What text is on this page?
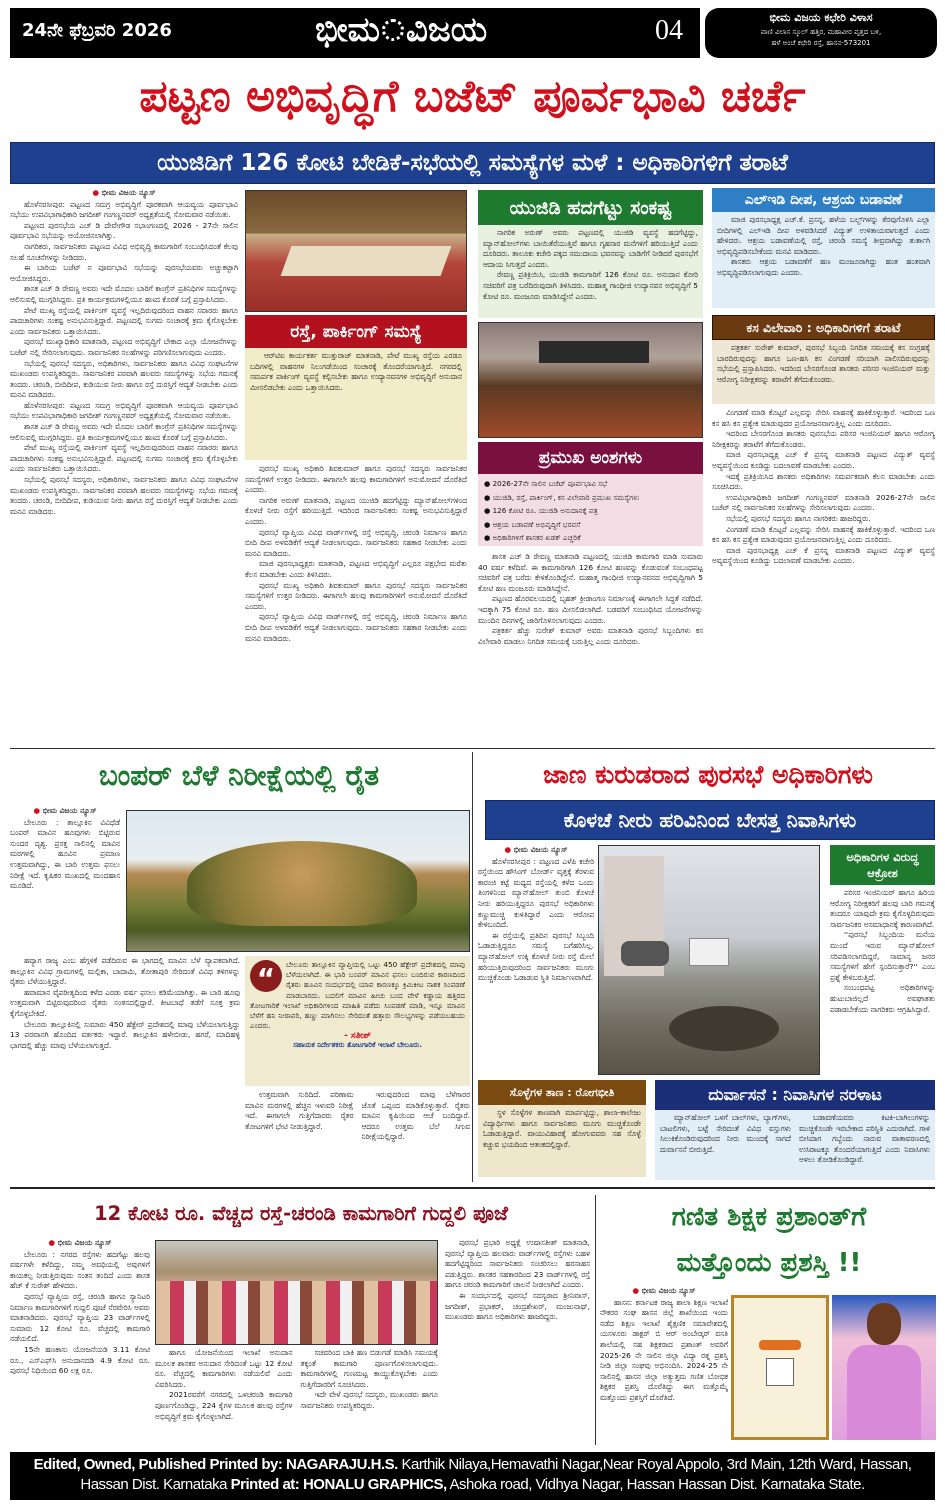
24ನೇ ಫೆಬ್ರವರಿ 2026	ಭೀಮ ವಿಜಯ	04	ಭೀಮ ವಿಜಯ ಕಛೇರಿ ವಿಳಾಸ
ವಾಣಿ ವಿಲಾಸ ಸ್ಕೂಲ್ ಹತ್ತಿರ, ಮಹಾವೀರ ವೃತ್ತದ ಬಳಿ,
ಹಳೆ ಅಂಚೆ ಕಛೇರಿ ರಸ್ತೆ, ಹಾಸನ-573201
ಪಟ್ಟಣ ಅಭಿವೃದ್ಧಿಗೆ ಬಜೆಟ್ ಪೂರ್ವಭಾವಿ ಚರ್ಚೆ
ಯುಜಿಡಿಗೆ 126 ಕೋಟಿ ಬೇಡಿಕೆ-ಸಭೆಯಲ್ಲಿ ಸಮಸ್ಯೆಗಳ ಮಳೆ : ಅಧಿಕಾರಿಗಳಿಗೆ ತರಾಟೆ
● ಭೀಮ ವಿಜಯ ನ್ಯೂಸ್

ಹೊಳೆನರಸೀಪುರ: ಪಟ್ಟಣದ ಸಮಗ್ರ ಅಭಿವೃದ್ಧಿಗೆ ಪೂರಕವಾಗಿ ಆಯವ್ಯಯ ಪೂರ್ವಭಾವಿ ಸಭೆಯು ಉಪವಿಭಾಗಾಧಿಕಾರಿ ಜಗದೀಶ್ ಗಂಗಣ್ಣನವರ್ ಅಧ್ಯಕ್ಷತೆಯಲ್ಲಿ ಸೋಮವಾರ ನಡೆಯಿತು.

ಪಟ್ಟಣದ ಪುರಸಭೆಯ ಎಚ್ ಡಿ ದೇವೇಗೌಡ ಸಭಾಂಗಣದಲ್ಲಿ 2026 - 27ನೇ ಸಾಲಿನ ಪೂರ್ವಭಾವಿ ಸಭೆಯನ್ನು ಆಯೋಜಿಸಲಾಗಿತ್ತು.

ನಾಗರಿಕರು, ಸಾರ್ವಜನಿಕರು ಪಟ್ಟಣದ ವಿವಿಧ ಅಭಿವೃದ್ಧಿ ಕಾಮಗಾರಿಗೆ ಸಂಬಂಧಿಸಿದಂತೆ ಕೆಲವು ಸಲಹೆ ಸೂಚನೆಗಳನ್ನು ನೀಡಿದರು.

ಈ ಬಾರಿಯ ಬಜೆಟ್ ನ ಪೂರ್ವಭಾವಿ ಸಭೆಯನ್ನು ಪುರಸಭೆಯವರು ಅಚ್ಚುಕಟ್ಟಾಗಿ ಆಯೋಜಿಸಿದ್ದರು.

ಶಾಸಕ ಎಚ್ ಡಿ ರೇವಣ್ಣ ಅವರು ಇದೇ ಮೊದಲ ಬಾರಿಗೆ ಕಾಂಗ್ರೆಸ್ ಪ್ರತಿನಿಧಿಗಳ ಸಮಸ್ಯೆಗಳನ್ನು ಆಲಿಸುವಲ್ಲಿ ಮುಗ್ಗರಿಸಿದ್ದರು. ಪ್ರತಿ ಕಾರ್ಯಕ್ರಮಗಳಲ್ಲಿಯೂ ಹಣದ ಕೊರತೆ ಬಗ್ಗೆ ಪ್ರಸ್ತಾಪಿಸಿದರು.

ಪೇಟೆ ಮುಖ್ಯ ರಸ್ತೆಯಲ್ಲಿ ಪಾರ್ಕಿಂಗ್ ವ್ಯವಸ್ಥೆ ಇಲ್ಲದಿರುವುದರಿಂದ ವಾಹನ ಸವಾರರು ಹಾಗೂ ಪಾದಚಾರಿಗಳು ಸಂಕಷ್ಟ ಅನುಭವಿಸುತ್ತಿದ್ದಾರೆ. ಪಟ್ಟಣದಲ್ಲಿ ಸುಗಮ ಸಂಚಾರಕ್ಕೆ ಕ್ರಮ ಕೈಗೊಳ್ಳಬೇಕು ಎಂದು ಸಾರ್ವಜನಿಕರು ಒತ್ತಾಯಿಸಿದರು.

ಪುರಸಭೆ ಮುಖ್ಯಾಧಿಕಾರಿ ಮಾತನಾಡಿ, ಪಟ್ಟಣದ ಅಭಿವೃದ್ಧಿಗೆ ಬೇಕಾದ ಎಲ್ಲಾ ಯೋಜನೆಗಳನ್ನು ಬಜೆಟ್ ನಲ್ಲಿ ಸೇರಿಸಲಾಗುವುದು. ಸಾರ್ವಜನಿಕರ ಸಲಹೆಗಳನ್ನು ಪರಿಗಣಿಸಲಾಗುವುದು ಎಂದರು.

ಸಭೆಯಲ್ಲಿ ಪುರಸಭೆ ಸದಸ್ಯರು, ಅಧಿಕಾರಿಗಳು, ಸಾರ್ವಜನಿಕರು ಹಾಗೂ ವಿವಿಧ ಸಂಘಟನೆಗಳ ಮುಖಂಡರು ಉಪಸ್ಥಿತರಿದ್ದರು. ಸಾರ್ವಜನಿಕರ ಪರವಾಗಿ ಹಲವರು ಸಮಸ್ಯೆಗಳನ್ನು ಸಭೆಯ ಗಮನಕ್ಕೆ ತಂದರು. ಚರಂಡಿ, ಬೀದಿದೀಪ, ಕುಡಿಯುವ ನೀರು ಹಾಗೂ ರಸ್ತೆ ದುರಸ್ತಿಗೆ ಆದ್ಯತೆ ನೀಡಬೇಕು ಎಂದು ಮನವಿ ಮಾಡಿದರು.

ಹೊಳೆನರಸೀಪುರ: ಪಟ್ಟಣದ ಸಮಗ್ರ ಅಭಿವೃದ್ಧಿಗೆ ಪೂರಕವಾಗಿ ಆಯವ್ಯಯ ಪೂರ್ವಭಾವಿ ಸಭೆಯು ಉಪವಿಭಾಗಾಧಿಕಾರಿ ಜಗದೀಶ್ ಗಂಗಣ್ಣನವರ್ ಅಧ್ಯಕ್ಷತೆಯಲ್ಲಿ ಸೋಮವಾರ ನಡೆಯಿತು.

ಶಾಸಕ ಎಚ್ ಡಿ ರೇವಣ್ಣ ಅವರು ಇದೇ ಮೊದಲ ಬಾರಿಗೆ ಕಾಂಗ್ರೆಸ್ ಪ್ರತಿನಿಧಿಗಳ ಸಮಸ್ಯೆಗಳನ್ನು ಆಲಿಸುವಲ್ಲಿ ಮುಗ್ಗರಿಸಿದ್ದರು. ಪ್ರತಿ ಕಾರ್ಯಕ್ರಮಗಳಲ್ಲಿಯೂ ಹಣದ ಕೊರತೆ ಬಗ್ಗೆ ಪ್ರಸ್ತಾಪಿಸಿದರು.

ಪೇಟೆ ಮುಖ್ಯ ರಸ್ತೆಯಲ್ಲಿ ಪಾರ್ಕಿಂಗ್ ವ್ಯವಸ್ಥೆ ಇಲ್ಲದಿರುವುದರಿಂದ ವಾಹನ ಸವಾರರು ಹಾಗೂ ಪಾದಚಾರಿಗಳು ಸಂಕಷ್ಟ ಅನುಭವಿಸುತ್ತಿದ್ದಾರೆ. ಪಟ್ಟಣದಲ್ಲಿ ಸುಗಮ ಸಂಚಾರಕ್ಕೆ ಕ್ರಮ ಕೈಗೊಳ್ಳಬೇಕು ಎಂದು ಸಾರ್ವಜನಿಕರು ಒತ್ತಾಯಿಸಿದರು.

ಸಭೆಯಲ್ಲಿ ಪುರಸಭೆ ಸದಸ್ಯರು, ಅಧಿಕಾರಿಗಳು, ಸಾರ್ವಜನಿಕರು ಹಾಗೂ ವಿವಿಧ ಸಂಘಟನೆಗಳ ಮುಖಂಡರು ಉಪಸ್ಥಿತರಿದ್ದರು. ಸಾರ್ವಜನಿಕರ ಪರವಾಗಿ ಹಲವರು ಸಮಸ್ಯೆಗಳನ್ನು ಸಭೆಯ ಗಮನಕ್ಕೆ ತಂದರು. ಚರಂಡಿ, ಬೀದಿದೀಪ, ಕುಡಿಯುವ ನೀರು ಹಾಗೂ ರಸ್ತೆ ದುರಸ್ತಿಗೆ ಆದ್ಯತೆ ನೀಡಬೇಕು ಎಂದು ಮನವಿ ಮಾಡಿದರು.

ರಸ್ತೆ, ಪಾರ್ಕಿಂಗ್ ಸಮಸ್ಯೆ

ಆರ್‌ಟಿಐ ಕಾರ್ಯಕರ್ತ ಮುತ್ತುರಾಜ್ ಮಾತನಾಡಿ, ಪೇಟೆ ಮುಖ್ಯ ರಸ್ತೆಯ ಎರಡೂ ಬದಿಗಳಲ್ಲಿ ವಾಹನಗಳ ನಿಲುಗಡೆಯಿಂದ ಸಂಚಾರಕ್ಕೆ ತೊಂದರೆಯಾಗುತ್ತಿದೆ. ನಗರದಲ್ಲಿ ಸಮರ್ಪಕ ಪಾರ್ಕಿಂಗ್ ವ್ಯವಸ್ಥೆ ಕಲ್ಪಿಸಬೇಕು ಹಾಗೂ ಉದ್ಯಾನವನಗಳ ಅಭಿವೃದ್ಧಿಗೆ ಅನುದಾನ ಮೀಸಲಿಡಬೇಕು ಎಂದು ಒತ್ತಾಯಿಸಿದರು.

ಪುರಸಭೆ ಮುಖ್ಯ ಅಧಿಕಾರಿ ಶಿವಕುಮಾರ್ ಹಾಗೂ ಪುರಸಭೆ ಸದಸ್ಯರು ಸಾರ್ವಜನಿಕರ ಸಮಸ್ಯೆಗಳಿಗೆ ಉತ್ತರ ನೀಡಿದರು. ಈಗಾಗಲೇ ಹಲವು ಕಾಮಗಾರಿಗಳಿಗೆ ಅನುಮೋದನೆ ದೊರೆತಿದೆ ಎಂದರು.

ನಾಗರಿಕ ಅರುಣ್ ಮಾತನಾಡಿ, ಪಟ್ಟಣದ ಯುಜಿಡಿ ಹದಗೆಟ್ಟಿದ್ದು ಮ್ಯಾನ್‌ಹೋಲ್‌ಗಳಿಂದ ಕೊಳಚೆ ನೀರು ರಸ್ತೆಗೆ ಹರಿಯುತ್ತಿದೆ. ಇದರಿಂದ ಸಾರ್ವಜನಿಕರು ಸಂಕಷ್ಟ ಅನುಭವಿಸುತ್ತಿದ್ದಾರೆ ಎಂದರು.

ಪುರಸಭೆ ವ್ಯಾಪ್ತಿಯ ವಿವಿಧ ವಾರ್ಡ್‌ಗಳಲ್ಲಿ ರಸ್ತೆ ಅಭಿವೃದ್ಧಿ, ಚರಂಡಿ ನಿರ್ಮಾಣ ಹಾಗೂ ಬೀದಿ ದೀಪ ಅಳವಡಿಕೆಗೆ ಆದ್ಯತೆ ನೀಡಲಾಗುವುದು. ಸಾರ್ವಜನಿಕರು ಸಹಕಾರ ನೀಡಬೇಕು ಎಂದು ಮನವಿ ಮಾಡಿದರು.

ಮಾಜಿ ಪುರಸಭಾಧ್ಯಕ್ಷರು ಮಾತನಾಡಿ, ಪಟ್ಟಣದ ಅಭಿವೃದ್ಧಿಗೆ ಎಲ್ಲರೂ ಪಕ್ಷಭೇದ ಮರೆತು ಕೆಲಸ ಮಾಡಬೇಕು ಎಂದು ತಿಳಿಸಿದರು.

ಪುರಸಭೆ ಮುಖ್ಯ ಅಧಿಕಾರಿ ಶಿವಕುಮಾರ್ ಹಾಗೂ ಪುರಸಭೆ ಸದಸ್ಯರು ಸಾರ್ವಜನಿಕರ ಸಮಸ್ಯೆಗಳಿಗೆ ಉತ್ತರ ನೀಡಿದರು. ಈಗಾಗಲೇ ಹಲವು ಕಾಮಗಾರಿಗಳಿಗೆ ಅನುಮೋದನೆ ದೊರೆತಿದೆ ಎಂದರು.

ಪುರಸಭೆ ವ್ಯಾಪ್ತಿಯ ವಿವಿಧ ವಾರ್ಡ್‌ಗಳಲ್ಲಿ ರಸ್ತೆ ಅಭಿವೃದ್ಧಿ, ಚರಂಡಿ ನಿರ್ಮಾಣ ಹಾಗೂ ಬೀದಿ ದೀಪ ಅಳವಡಿಕೆಗೆ ಆದ್ಯತೆ ನೀಡಲಾಗುವುದು. ಸಾರ್ವಜನಿಕರು ಸಹಕಾರ ನೀಡಬೇಕು ಎಂದು ಮನವಿ ಮಾಡಿದರು.

ಯುಜಿಡಿ ಹದಗೆಟ್ಟು ಸಂಕಷ್ಟ

ನಾಗರಿಕ ಅರುಣ್ ಅವರು ಪಟ್ಟಣದಲ್ಲಿ ಯುಜಿಡಿ ವ್ಯವಸ್ಥೆ ಹದಗೆಟ್ಟಿದ್ದು, ಮ್ಯಾನ್‌ಹೋಲ್‌ಗಳು ಬಾಯಿತೆರೆಯುತ್ತಿವೆ ಹಾಗೂ ಗೃಹಸಾರ ಮನೆಗಳಿಗೆ ಹರಿಯುತ್ತಿದೆ ಎಂದು ದೂರಿದರು. ತಾಲೂಕು ಕಚೇರಿ ಪಕ್ಕದ ಸಮುದಾಯ ಭವನವನ್ನು ಬಾಡಿಗೆಗೆ ನೀಡಿದರೆ ಪುರಸಭೆಗೆ ಆದಾಯ ಸಿಗುತ್ತದೆ ಎಂದರು.

ರೇವಣ್ಣ ಪ್ರತಿಕ್ರಿಯಿಸಿ, ಯುಜಿಡಿ ಕಾಮಗಾರಿಗೆ 126 ಕೋಟಿ ರೂ. ಅನುದಾನ ಕೋರಿ ಸಚಿವರಿಗೆ ಪತ್ರ ಬರೆದಿರುವುದಾಗಿ ತಿಳಿಸಿದರು. ಮಹಾತ್ಮ ಗಾಂಧೀಜಿ ಉದ್ಯಾನವನ ಅಭಿವೃದ್ಧಿಗೆ 5 ಕೋಟಿ ರೂ. ಮಂಜೂರು ಮಾಡಿಸಿದ್ದೇನೆ ಎಂದರು.

ಪ್ರಮುಖ ಅಂಶಗಳು
● 2026-27ನೇ ಸಾಲಿನ ಬಜೆಟ್ ಪೂರ್ವಭಾವಿ ಸಭೆ
● ಯುಜಿಡಿ, ರಸ್ತೆ, ಪಾರ್ಕಿಂಗ್, ಕಸ ವಿಲೇವಾರಿ ಪ್ರಮುಖ ಸಮಸ್ಯೆಗಳು
● 126 ಕೋಟಿ ರೂ. ಯುಜಿಡಿ ಅನುದಾನಕ್ಕೆ ಪತ್ರ
● ಆಶ್ರಯ ಬಡಾವಣೆ ಅಭಿವೃದ್ಧಿಗೆ ಭರವಸೆ
● ಅಧಿಕಾರಿಗಳಿಗೆ ಶಾಸಕರ ಖಡಕ್ ಎಚ್ಚರಿಕೆ

ಶಾಸಕ ಎಚ್ ಡಿ ರೇವಣ್ಣ ಮಾತನಾಡಿ ಪಟ್ಟಣದಲ್ಲಿ ಯುಜಿಡಿ ಕಾಮಗಾರಿ ಮಾಡಿ ಸುಮಾರು 40 ವರ್ಷ ಕಳೆದಿವೆ. ಈ ಕಾಮಗಾರಿಗಾಗಿ 126 ಕೋಟಿ ಹಣವನ್ನು ಕೊಡುವಂತೆ ಸಂಬಂಧಪಟ್ಟ ಸಚಿವರಿಗೆ ಪತ್ರ ಬರೆದು ಕೇಳಿಕೊಂಡಿದ್ದೇನೆ. ಮಹಾತ್ಮ ಗಾಂಧೀಜಿ ಉದ್ಯಾನವನದ ಅಭಿವೃದ್ಧಿಗಾಗಿ 5 ಕೋಟಿ ಹಣ ಮಂಜೂರು ಮಾಡಿಸಿದ್ದೇನೆ.

ಪಟ್ಟಣದ ಹೊರವಲಯದಲ್ಲಿ ಬೃಹತ್ ಕ್ರೀಡಾಂಗಣ ನಿರ್ಮಾಣಕ್ಕೆ ಈಗಾಗಲೇ ಸಿದ್ಧತೆ ನಡೆದಿದೆ. ಇದಕ್ಕಾಗಿ 75 ಕೋಟಿ ರೂ. ಹಣ ಮೀಸಲಿಡಲಾಗಿದೆ. ಬಡವರಿಗೆ ಸಂಬಂಧಿಸಿದ ಯೋಜನೆಗಳನ್ನು ಮುಂದಿನ ದಿನಗಳಲ್ಲಿ ಜಾರಿಗೊಳಿಸಲಾಗುವುದು ಎಂದರು.

ಪತ್ರಕರ್ತ ಹೆಚ್ಚು ಸುರೇಶ್ ಕುಮಾರ್ ಅವರು ಮಾತನಾಡಿ ಪುರಸಭೆ ಸಿಬ್ಬಂದಿಗಳು ಕಸ ವಿಲೇವಾರಿ ಮಾಡಲು ನಿಗದಿತ ಸಮಯಕ್ಕೆ ಬರುತ್ತಿಲ್ಲ ಎಂದು ದೂರಿದರು.

ಎಲ್ಇಡಿ ದೀಪ, ಆಶ್ರಯ ಬಡಾವಣೆ

ಮಾಜಿ ಪುರಸಭಾಧ್ಯಕ್ಷ ಎಚ್.ಕೆ. ಪ್ರಸನ್ನ, ಹಳೆಯ ಬಲ್ಬ್‌ಗಳನ್ನು ತೆರವುಗೊಳಿಸಿ ಎಲ್ಲಾ ಬೀದಿಗಳಲ್ಲಿ ಎಲ್ಇಡಿ ದೀಪ ಅಳವಡಿಸಿದರೆ ವಿದ್ಯುತ್ ಉಳಿತಾಯವಾಗುತ್ತದೆ ಎಂದು ಹೇಳಿದರು. ಆಶ್ರಯ ಬಡಾವಣೆಯಲ್ಲಿ ರಸ್ತೆ, ಚರಂಡಿ ಸಮಸ್ಯೆ ತೀವ್ರವಾಗಿದ್ದು ತುರ್ತಾಗಿ ಅಭಿವೃದ್ಧಿಪಡಿಸಬೇಕೆಂದು ಮನವಿ ಮಾಡಿದರು.

ಶಾಸಕರು ಆಶ್ರಯ ಬಡಾವಣೆಗೆ ಹಣ ಮಂಜೂರಾಗಿದ್ದು ಹಂತ ಹಂತವಾಗಿ ಅಭಿವೃದ್ಧಿಪಡಿಸಲಾಗುವುದು ಎಂದರು.

ಕಸ ವಿಲೇವಾರಿ : ಅಧಿಕಾರಿಗಳಿಗೆ ತರಾಟೆ

ಪತ್ರಕರ್ತ ಸುರೇಶ್ ಕುಮಾರ್, ಪುರಸಭೆ ಸಿಬ್ಬಂದಿ ನಿಗದಿತ ಸಮಯಕ್ಕೆ ಕಸ ಸಂಗ್ರಹಕ್ಕೆ ಬಾರದಿರುವುದನ್ನು ಹಾಗೂ ಒಣ-ಹಸಿ ಕಸ ವಿಂಗಡಣೆ ಸರಿಯಾಗಿ ಪಾಲಿಸದಿರುವುದನ್ನು ಸಭೆಯಲ್ಲಿ ಪ್ರಸ್ತಾಪಿಸಿದರು. ಇದರಿಂದ ಬೇಸರಗೊಂಡ ಶಾಸಕರು ಪರಿಸರ ಇಂಜಿನಿಯರ್ ಮತ್ತು ಆರೋಗ್ಯ ನಿರೀಕ್ಷಕರನ್ನು ತರಾಟೆಗೆ ತೆಗೆದುಕೊಂಡರು.

ವಿಂಗಡಣೆ ಮಾಡಿ ಕೊಟ್ಟರೆ ಎಲ್ಲವನ್ನು ಸೇರಿಸಿ ವಾಹನಕ್ಕೆ ಹಾಕಿಕೊಳ್ಳುತ್ತಾರೆ. ಇದರಿಂದ ಒಣ ಕಸ ಹಸಿ ಕಸ ಪ್ರತ್ಯೇಕ ಮಾಡುವುದರ ಪ್ರಯೋಜನವಾಗುತ್ತಿಲ್ಲ ಎಂದು ದೂರಿದರು.

ಇದರಿಂದ ಬೇಸರಗೊಂಡ ಶಾಸಕರು ಪುರಸಭೆಯ ಪರಿಸರ ಇಂಜಿನಿಯರ್ ಹಾಗೂ ಆರೋಗ್ಯ ನಿರೀಕ್ಷಕರನ್ನು ತರಾಟೆಗೆ ತೆಗೆದುಕೊಂಡರು.

ಮಾಜಿ ಪುರಸಭಾಧ್ಯಕ್ಷ ಎಚ್ ಕೆ ಪ್ರಸನ್ನ ಮಾತನಾಡಿ ಪಟ್ಟಣದ ವಿದ್ಯುತ್ ವ್ಯವಸ್ಥೆ ಅವ್ಯವಸ್ಥೆಯಿಂದ ಕೂಡಿದ್ದು ಬದಲಾವಣೆ ಮಾಡಬೇಕು ಎಂದರು.

ಇದಕ್ಕೆ ಪ್ರತಿಕ್ರಿಯಿಸಿದ ಶಾಸಕರು ಅಧಿಕಾರಿಗಳು ಸಮರ್ಪಕವಾಗಿ ಕೆಲಸ ಮಾಡಬೇಕು ಎಂದು ಸೂಚಿಸಿದರು.

ಉಪವಿಭಾಗಾಧಿಕಾರಿ ಜಗದೀಶ್ ಗಂಗಣ್ಣನವರ್ ಮಾತನಾಡಿ 2026-27ನೇ ಸಾಲಿನ ಬಜೆಟ್ ನಲ್ಲಿ ಸಾರ್ವಜನಿಕರ ಸಲಹೆಗಳನ್ನು ಸೇರಿಸಲಾಗುವುದು ಎಂದರು.

ಸಭೆಯಲ್ಲಿ ಪುರಸಭೆ ಸದಸ್ಯರು ಹಾಗೂ ನಾಗರಿಕರು ಹಾಜರಿದ್ದರು.

ವಿಂಗಡಣೆ ಮಾಡಿ ಕೊಟ್ಟರೆ ಎಲ್ಲವನ್ನು ಸೇರಿಸಿ ವಾಹನಕ್ಕೆ ಹಾಕಿಕೊಳ್ಳುತ್ತಾರೆ. ಇದರಿಂದ ಒಣ ಕಸ ಹಸಿ ಕಸ ಪ್ರತ್ಯೇಕ ಮಾಡುವುದರ ಪ್ರಯೋಜನವಾಗುತ್ತಿಲ್ಲ ಎಂದು ದೂರಿದರು.

ಮಾಜಿ ಪುರಸಭಾಧ್ಯಕ್ಷ ಎಚ್ ಕೆ ಪ್ರಸನ್ನ ಮಾತನಾಡಿ ಪಟ್ಟಣದ ವಿದ್ಯುತ್ ವ್ಯವಸ್ಥೆ ಅವ್ಯವಸ್ಥೆಯಿಂದ ಕೂಡಿದ್ದು ಬದಲಾವಣೆ ಮಾಡಬೇಕು ಎಂದರು.

ಬಂಪರ್ ಬೆಳೆ ನಿರೀಕ್ಷೆಯಲ್ಲಿ ರೈತ
● ಭೀಮ ವಿಜಯ ನ್ಯೂಸ್

ಬೇಲೂರು : ತಾಲ್ಲೂಕಿನ ವಿವಿಧೆಡೆ ಬಂಪರ್ ಮಾವಿನ ಹೂವುಗಳು ಬಿಟ್ಟಿರುವ ಸುಂದರ ದೃಶ್ಯ. ಪ್ರಸಕ್ತ ಸಾಲಿನಲ್ಲಿ ಮಾವಿನ ಮರಗಳಲ್ಲಿ ಹೂವಿನ ಪ್ರಮಾಣ ಉತ್ತಮವಾಗಿದ್ದು, ಈ ಬಾರಿ ಉತ್ತಮ ಫಸಲು ನಿರೀಕ್ಷೆ ಇದೆ. ಕೃಷಿಕರ ಮುಖದಲ್ಲಿ ಮಂದಹಾಸ ಮೂಡಿದೆ.

ಹವ್ಯಾಗ ರಾಜ್ಯ ಎಂಬ ಹೆಗ್ಗಳಿಕೆ ಪಡೆದಿರುವ ಈ ಭಾಗದಲ್ಲಿ ಮಾವಿನ ಬೆಳೆ ವ್ಯಾಪಕವಾಗಿದೆ. ತಾಲ್ಲೂಕಿನ ವಿವಿಧ ಗ್ರಾಮಗಳಲ್ಲಿ ಮಲ್ಲಿಕಾ, ಬಾದಾಮಿ, ತೋತಾಪುರಿ ಸೇರಿದಂತೆ ವಿವಿಧ ತಳಿಗಳನ್ನು ರೈತರು ಬೆಳೆಯುತ್ತಿದ್ದಾರೆ.

ಹವಾಮಾನ ವೈಪರೀತ್ಯದಿಂದ ಕಳೆದ ಎರಡು ವರ್ಷ ಫಸಲು ಕಡಿಮೆಯಾಗಿತ್ತು. ಈ ಬಾರಿ ಹೂವು ಉತ್ತಮವಾಗಿ ಬಿಟ್ಟಿರುವುದರಿಂದ ರೈತರು ಸಂತಸದಲ್ಲಿದ್ದಾರೆ. ಕೀಟಬಾಧೆ ತಡೆಗೆ ಸೂಕ್ತ ಕ್ರಮ ಕೈಗೊಳ್ಳಬೇಕಿದೆ.

ಬೇಲೂರು ತಾಲ್ಲೂಕಿನಲ್ಲಿ ಸುಮಾರು 450 ಹೆಕ್ಟೇರ್ ಪ್ರದೇಶದಲ್ಲಿ ಮಾವು ಬೆಳೆಯಲಾಗುತ್ತಿದ್ದು 13 ಪರವಾನಗಿ ಹೊಂದಿದ ವರ್ತಕರು ಇದ್ದಾರೆ. ತಾಲ್ಲೂಕಿನ ಹಳೇಬೀಡು, ಹಗರೆ, ಮಾದಿಹಳ್ಳಿ ಭಾಗದಲ್ಲಿ ಹೆಚ್ಚು ಮಾವು ಬೆಳೆಯಲಾಗುತ್ತದೆ.

“	ಬೇಲೂರು ತಾಲ್ಲೂಕಿನ ವ್ಯಾಪ್ತಿಯಲ್ಲಿ ಒಟ್ಟು 450 ಹೆಕ್ಟೇರ್ ಪ್ರದೇಶದಲ್ಲಿ ಮಾವು ಬೆಳೆಯಲಾಗಿದೆ. ಈ ಭಾರಿ ಬಂಪರ್ ಮಾವಿನ ಫಸಲು ಬಂದಿರುವ ಕಾರಣದಿಂದ ರೈತರು ಹೂವಿನ ಸಂದರ್ಭದಲ್ಲಿ ಯಾವ ಕಾರಣಕ್ಕೂ ಕ್ರಿಮಿಕೀಟ ನಾಶಕ ಸಿಂಪಡಣೆ ಮಾಡಬಾರದು. ಬದಲಿಗೆ ಮಾವಿನ ಹೀಚು ಬಂದ ವೇಳೆ ಕಡ್ಡಾಯ ಹತ್ತಿರದ ತೋಟಗಾರಿಕೆ ಇಲಾಖೆ ಅಧಿಕಾರಿಗಳಿಂದ ಮಾಹಿತಿ ಪಡೆದು ಸಿಂಪಡಣೆ ಮಾಡಿ, ಇನ್ನೂ ಮಾವಿನ ಬೆಳೆಗೆ ಹನಿ ನೀರಾವರಿ, ಹಣ್ಣು ಮಾಗಿಸಲು ಸೇರಿದಂತೆ ಹತ್ತಾರು ಸೌಲಭ್ಯಗಳನ್ನು ಪಡೆಯಬಹುದು ಎಂದರು.

- ಸತೀಶ್
ಸಹಾಯಕ ನಿರ್ದೇಶಕರು ತೋಟಗಾರಿಕೆ ಇಲಾಖೆ ಬೇಲೂರು.

ಉತ್ತಮವಾಗಿ ಸುರಿದಿದೆ. ಪರಿಣಾಮ ಮಾವಿನ ಮರಗಳಲ್ಲಿ ಹೆಚ್ಚಿನ ಇಳುವರಿ ನಿರೀಕ್ಷೆ ಇದೆ. ಈಗಾಗಲೇ ಗುತ್ತಿಗೆದಾರರು ರೈತರ ತೋಟಗಳಿಗೆ ಭೇಟಿ ನೀಡುತ್ತಿದ್ದಾರೆ.

ಇರುವುದರಿಂದ ಮಾವು ಬೆಳೆಗಾರರ ಜೊತೆ ಒಪ್ಪಂದ ಮಾಡಿಕೊಳ್ಳುತ್ತಾರೆ. ರೈತರು ಮಾವಿನ ಕೃಷಿಯಿಂದ ಆಚೆ ಬಂದಿದ್ದಾರೆ. ಆದರೂ ಉತ್ತಮ ಬೆಲೆ ಸಿಗುವ ನಿರೀಕ್ಷೆಯಲ್ಲಿದ್ದಾರೆ.

ಜಾಣ ಕುರುಡರಾದ ಪುರಸಭೆ ಅಧಿಕಾರಿಗಳು
ಕೊಳಚೆ ನೀರು ಹರಿವಿನಿಂದ ಬೇಸತ್ತ ನಿವಾಸಿಗಳು
● ಭೀಮ ವಿಜಯ ನ್ಯೂಸ್

ಹೊಳೆನರಸೀಪುರ : ಪಟ್ಟಣದ ಎಳೆಪಿ ಕಚೇರಿ ರಸ್ತೆಯಿಂದ ಹೌಸಿಂಗ್ ಬೋರ್ಡ್ ವೃತ್ತಕ್ಕೆ ತೆರಳುವ ಕಾರಂಜಿ ಕಟ್ಟೆ ಮಧ್ಯದ ರಸ್ತೆಯಲ್ಲಿ ಕಳೆದ ಒಂದು ತಿಂಗಳಿನಿಂದ ಮ್ಯಾನ್‌ಹೋಲ್ ತುಂಬಿ ಕೊಳಚೆ ನೀರು ಹರಿಯುತ್ತಿದ್ದರೂ ಪುರಸಭೆ ಅಧಿಕಾರಿಗಳು ಕಣ್ಣುಮುಚ್ಚಿ ಕುಳಿತಿದ್ದಾರೆ ಎಂದು ಆರೋಪ ಕೇಳಿಬಂದಿದೆ.

ಈ ರಸ್ತೆಯಲ್ಲಿ ಪ್ರತಿದಿನ ಪುರಸಭೆ ಸಿಬ್ಬಂದಿ ಓಡಾಡುತ್ತಿದ್ದರೂ ಸಮಸ್ಯೆ ಬಗೆಹರಿಸಿಲ್ಲ. ಮ್ಯಾನ್‌ಹೋಲ್ ಉಕ್ಕಿ ಕೊಳಚೆ ನೀರು ರಸ್ತೆ ಮೇಲೆ ಹರಿಯುತ್ತಿರುವುದರಿಂದ ಸಾರ್ವಜನಿಕರು ಮೂಗು ಮುಚ್ಚಿಕೊಂಡು ಓಡಾಡುವ ಸ್ಥಿತಿ ನಿರ್ಮಾಣವಾಗಿದೆ.

ಅಧಿಕಾರಿಗಳ ವಿರುದ್ಧ ಆಕ್ರೋಶ

ಪರಿಸರ ಇಂಜಿನಿಯರ್ ಹಾಗೂ ಹಿರಿಯ ಆರೋಗ್ಯ ನಿರೀಕ್ಷಕರಿಗೆ ಹಲವು ಬಾರಿ ಗಮನಕ್ಕೆ ತಂದರೂ ಯಾವುದೇ ಕ್ರಮ ಕೈಗೊಳ್ಳದಿರುವುದು ಸಾರ್ವಜನಿಕರ ಅಸಮಾಧಾನಕ್ಕೆ ಕಾರಣವಾಗಿದೆ.

''ಪುರಸಭೆ ಸಿಬ್ಬಂದಿಯ ಮನೆಯ ಮುಂದೆ ಇರುವ ಮ್ಯಾನ್‌ಹೋಲ್ ಸರಿಪಡಿಸಲಾಗದಿದ್ದರೆ, ಸಾಮಾನ್ಯ ಜನರ ಸಮಸ್ಯೆಗಳಿಗೆ ಹೇಗೆ ಸ್ಪಂದಿಸುತ್ತಾರೆ?'' ಎಂಬ ಪ್ರಶ್ನೆ ಕೇಳಿಬರುತ್ತಿದೆ.

ಸಂಬಂಧಪಟ್ಟ ಅಧಿಕಾರಿಗಳನ್ನು ಹುಟುಬಾಜಿಲ್ಲದೆ ಅವಘಾತತು ಪಡಾಡಬೇಕೆಂದು ನಾಗರಿಕರು ಆಗ್ರಹಿಸಿದ್ದಾರೆ.

ಸೊಳ್ಳೆಗಳ ತಾಣ : ರೋಗಭೀತಿ

ಸ್ಥಳ ಸೊಳ್ಳೆಗಳ ತಾಣವಾಗಿ ಮಾರ್ಪಟ್ಟಿದ್ದು, ಶಾಲಾ-ಕಾಲೇಜು ವಿದ್ಯಾರ್ಥಿಗಳು ಹಾಗೂ ಸಾರ್ವಜನಿಕರು ಮೂಗು ಮುಚ್ಚಿಕೊಂಡೇ ಓಡಾಡುತ್ತಿದ್ದಾರೆ. ವಾಯುವಿಹಾರಕ್ಕೆ ಹೋಗುವವರು ಸಹ ಸೊಳ್ಳೆ ಕಚ್ಚುವ ಭಯದಿಂದ ಆತಂಕದಲ್ಲಿದ್ದಾರೆ.

ದುರ್ವಾಸನೆ : ನಿವಾಸಿಗಳ ನರಳಾಟ

ಮ್ಯಾನ್‌ಹೋಲ್ ಒಳಗೆ ಬಾಲ್‌ಗಳು, ಬ್ಯಾಗ್‌ಗಳು, ಬಾಟಲಿಗಳು, ಬಟ್ಟೆ ಸೇರಿದಂತೆ ವಿವಿಧ ವಸ್ತುಗಳು ಸಿಲುಕಿಕೊಂಡಿರುವುದರಿಂದ ನೀರು ಮುಂದಕ್ಕೆ ಸಾಗದೆ ದುರ್ವಾಸನೆ ಬೀರುತ್ತಿದೆ.

ಬಡಾವಣೆಯವರು ಕಿಟಕಿ-ಬಾಗಿಲುಗಳನ್ನು ಮುಚ್ಚಿಕೊಂಡೇ ಇರಬೇಕಾದ ಪರಿಸ್ಥಿತಿ ಎದುರಾಗಿದೆ. ಗಾಳಿ ಬೀಸಿದಾಗ ಗಬ್ಬೆಂದು ನಾರುವ ವಾತಾವರಣದಲ್ಲಿ ಉಸಿರಾಟಕ್ಕೂ ತೊಂದರೆಯಾಗುತ್ತಿದೆ ಎಂದು ನಿವಾಸಿಗಳು ಅಳಲು ತೋಡಿಕೊಂಡಿದ್ದಾರೆ.

12 ಕೋಟಿ ರೂ. ವೆಚ್ಚದ ರಸ್ತೆ-ಚರಂಡಿ ಕಾಮಗಾರಿಗೆ ಗುದ್ದಲಿ ಪೂಜೆ
● ಭೀಮ ವಿಜಯ ನ್ಯೂಸ್

ಬೇಲೂರು : ನಗರದ ರಸ್ತೆಗಳು ಹದಗೆಟ್ಟು ಹಲವು ವರ್ಷಗಳೇ ಕಳೆದಿದ್ದು, ನಮ್ಮ ಅವಧಿಯಲ್ಲಿ ಅವುಗಳಿಗೆ ಕಾಯಕಲ್ಪ ನೀಡುತ್ತಿರುವುದು ಸಂತಸ ತಂದಿದೆ ಎಂದು ಶಾಸಕ ಹೆಚ್ ಕೆ ಸುರೇಶ್ ಹೇಳಿದರು.

ಪುರಸಭೆ ವ್ಯಾಪ್ತಿಯ ರಸ್ತೆ, ಚರಂಡಿ ಹಾಗೂ ಸ್ಯಾನಿಟರಿ ನಿರ್ಮಾಣ ಕಾಮಗಾರಿಗಳಿಗೆ ಗುದ್ದಲಿ ಪೂಜೆ ನೆರವೇರಿಸಿ ಅವರು ಮಾತನಾಡಿದರು. ಪುರಸಭೆ ವ್ಯಾಪ್ತಿಯ 23 ವಾರ್ಡ್‌ಗಳಲ್ಲಿ ಸುಮಾರು 12 ಕೋಟಿ ರೂ. ವೆಚ್ಚದಲ್ಲಿ ಕಾಮಗಾರಿ ನಡೆಯಲಿದೆ.

15ನೇ ಹಣಕಾಸು ಯೋಜನೆಯಡಿ 3.11 ಕೋಟಿ ರೂ., ಎಸ್ಎಫ್‌ಸಿ ಅನುದಾನದಡಿ 4.9 ಕೋಟಿ ರೂ. ಪುರಸಭೆ ನಿಧಿಯಿಂದ 60 ಲಕ್ಷ ರೂ.

ಹಾಗೂ ಯೋಜನೆಯಿಂದ ಇಲಾಖೆ ಅನುದಾನ ಮೂಲಕ ಶಾಸಕರ ಅನುದಾನ ಸೇರಿದಂತೆ ಒಟ್ಟು 12 ಕೋಟಿ ರೂ. ವೆಚ್ಚದಲ್ಲಿ ಕಾಮಗಾರಿಗಳು ನಡೆಯಲಿವೆ ಎಂದು ವಿವರಿಸಿದರು.

2021ರವರೆಗೆ ನಗರದಲ್ಲಿ ಒಳಚರಂಡಿ ಕಾಮಗಾರಿ ಪೂರ್ಣಗೊಂಡಿದ್ದು, 224 ಕೈಗಳ ಮೂಲಕ ಹಲವು ರಸ್ತೆಗಳ ಅಭಿವೃದ್ಧಿಗೆ ಕ್ರಮ ಕೈಗೊಳ್ಳಲಾಗಿದೆ.

ಸಚಿವರಿಂದ ಬಾಕಿ ಹಣ ಬಿಡುಗಡೆ ಮಾಡಿಸಿ ಸಮಯಕ್ಕೆ ತಕ್ಕಂತೆ ಕಾಮಗಾರಿ ಪೂರ್ಣಗೊಳಿಸಲಾಗುವುದು. ಕಾಮಗಾರಿಗಳಲ್ಲಿ ಗುಣಮಟ್ಟ ಕಾಯ್ದುಕೊಳ್ಳಬೇಕು ಎಂದು ಗುತ್ತಿಗೆದಾರರಿಗೆ ಸೂಚಿಸಿದರು.

ಇದೇ ವೇಳೆ ಪುರಸಭೆ ಸದಸ್ಯರು, ಮುಖಂಡರು ಹಾಗೂ ಸಾರ್ವಜನಿಕರು ಉಪಸ್ಥಿತರಿದ್ದರು.

ಪುರಸಭೆ ಪ್ರಭಾರಿ ಅಧ್ಯಕ್ಷೆ ಉಷಾಸತೀಶ್ ಮಾತನಾಡಿ, ಪುರಸಭೆ ವ್ಯಾಪ್ತಿಯ ಹಲವಾರು ವಾರ್ಡ್‌ಗಳಲ್ಲಿ ರಸ್ತೆಗಳು ಬಹಳ ಹದಗೆಟ್ಟಿದ್ದರಿಂದ ಸಾರ್ವಜನಿಕರು ಸಂಚರಿಸಲು ಹರಸಾಹಸ ಪಡುತ್ತಿದ್ದರು. ಶಾಸಕರ ಸಹಕಾರದಿಂದ 23 ವಾರ್ಡ್‌ಗಳಲ್ಲಿ ರಸ್ತೆ ಹಾಗೂ ಚರಂಡಿ ಕಾಮಗಾರಿಗೆ ಚಾಲನೆ ನೀಡಲಾಗಿದೆ ಎಂದರು.

ಈ ಸಂದರ್ಭದಲ್ಲಿ ಪುರಸಭೆ ಸದಸ್ಯರಾದ ಶ್ರೀನಿವಾಸ್, ಜಗದೀಶ್, ಪ್ರಭಾಕರ್, ಚಂದ್ರಶೇಖರ್, ಮಂಜುನಾಥ್, ಮುಖಂಡರು ಹಾಗೂ ಅಧಿಕಾರಿಗಳು ಹಾಜರಿದ್ದರು.

ಗಣಿತ ಶಿಕ್ಷಕ ಪ್ರಶಾಂತ್‌ಗೆ
ಮತ್ತೊಂದು ಪ್ರಶಸ್ತಿ !!
● ಭೀಮ ವಿಜಯ ನ್ಯೂಸ್

ಹಾಸನ: ಕರ್ನಾಟಕ ರಾಜ್ಯ ಶಾಲಾ ಶಿಕ್ಷಣ ಇಲಾಖೆ ನೌಕರರ ಸಂಘ ಹಾಸನ ಜಿಲ್ಲೆ ಶಾಖೆಯಿಂದ ಇಂದು ನಡೆದ ಶಿಕ್ಷಣ ಇಲಾಖೆ ಶೈಕ್ಷಣಿಕ ಸಮಾವೇಶದಲ್ಲಿ ಯಸಳೂರು ಡಾಕ್ಟರ್ ಬಿ ಆರ್ ಅಂಬೇಡ್ಕರ್ ವಸತಿ ಶಾಲೆಯಲ್ಲಿ ಸಹ ಶಿಕ್ಷಕರಾದ ಪ್ರಶಾಂತ್ ಅವರಿಗೆ 2025-26 ನೇ ಸಾಲಿನ ಜಿಲ್ಲಾ ವಿದ್ಯಾ ರತ್ನ ಪ್ರಶಸ್ತಿ ನೀಡಿ ಜಿಲ್ಲಾ ಸಂಘವು ಅಭಿನಂದಿಸಿ. 2024-25 ನೇ ಸಾಲಿನಲ್ಲಿ ಹಾಸನ ಜಿಲ್ಲಾ ಅತ್ಯುತ್ತಮ ಗಣಿತ ಬೋಧಕ ಶಿಕ್ಷಕರ ಪ್ರಶಸ್ತಿ ದೊರೆತಿದ್ದು ಈಗ ಮತ್ತೊಮ್ಮೆ ಮತ್ತೊಂದು ಪ್ರಶಸ್ತಿಗೆ ದೊರೆತಿದೆ.

Edited, Owned, Published Printed by: NAGARAJU.H.S. Karthik Nilaya,Hemavathi Nagar,Near Royal Appolo, 3rd Main, 12th Ward, Hassan,
Hassan Dist. Karnataka Printed at: HONALU GRAPHICS, Ashoka road, Vidhya Nagar, Hassan Hassan Dist. Karnataka State.
